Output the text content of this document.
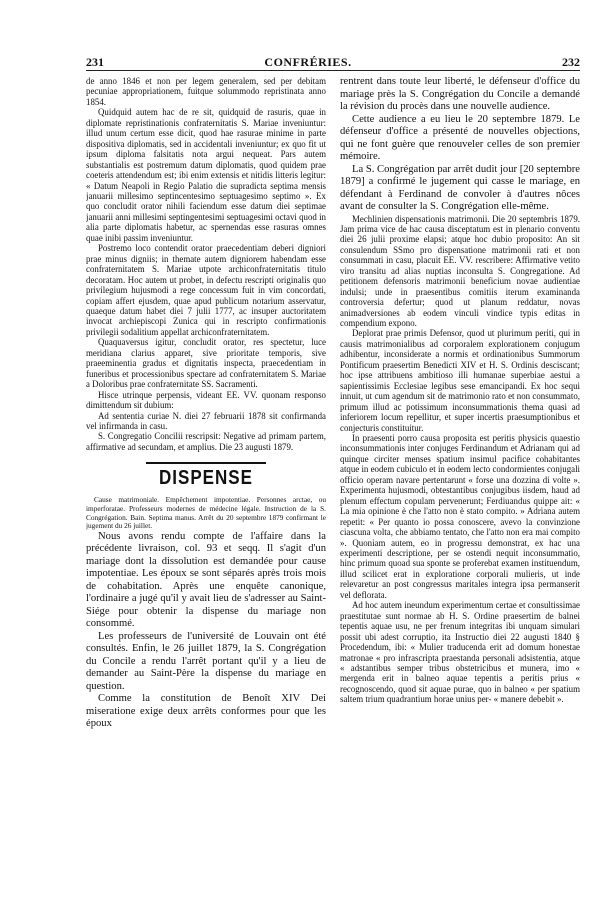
231	CONFRÉRIES.	232

de anno 1846 et non per legem generalem, sed per debitam pecuniae appropriationem, fuitque solummodo repristinata anno 1854.

Quidquid autem hac de re sit, quidquid de rasuris, quae in diplomate repristinationis confraternitatis S. Mariae inveniuntur: illud unum certum esse dicit, quod hae rasurae minime in parte dispositiva diplomatis, sed in accidentali inveniuntur; ex quo fit ut ipsum diploma falsitatis nota argui nequeat. Pars autem substantialis est postremum datum diplomatis, quod quidem prae coeteris attendendum est; ibi enim extensis et nitidis litteris legitur: « Datum Neapoli in Regio Palatio die supradicta septima mensis januarii millesimo septincentesimo septuagesimo septimo ». Ex quo concludit orator nihili faciendum esse datum diei septimae januarii anni millesimi septingentesimi septuagesimi octavi quod in alia parte diplomatis habetur, ac spernendas esse rasuras omnes quae inibi passim inveniuntur.

Postremo loco contendit orator praecedentiam deberi digniori prae minus digniis; in themate autem digniorem habendam esse confraternitatem S. Mariae utpote archiconfraternitatis titulo decoratam. Hoc autem ut probet, in defectu rescripti originalis quo privilegium hujusmodi a rege concessum fuit in vim concordati, copiam affert ejusdem, quae apud publicum notarium asservatur, quaeque datum habet diei 7 julii 1777, ac insuper auctoritatem invocat archiepiscopi Zunica qui in rescripto confirmationis privilegii sodalitium appellat archiconfraternitatem.

Quaquaversus igitur, concludit orator, res spectetur, luce meridiana clarius apparet, sive prioritate temporis, sive praeeminentia gradus et dignitatis inspecta, praecedentiam in funeribus et processionibus spectare ad confraternitatem S. Mariae a Doloribus prae confraternitate SS. Sacramenti.

Hisce utrinque perpensis, videant EE. VV. quonam responso dimittendum sit dubium:

Ad sententia curiae N. diei 27 februarii 1878 sit confirmanda vel infirmanda in casu.

S. Congregatio Concilii rescripsit: Negative ad primam partem, affirmative ad secundam, et amplius. Die 23 augusti 1879.

DISPENSE

Cause matrimoniale. Empêchement impotentiae. Personnes arctae, ou imperforatae. Professeurs modernes de médecine légale. Instruction de la S. Congrégation. Bain. Septima manus. Arrêt du 20 septembre 1879 confirmant le jugement du 26 juillet.

Nous avons rendu compte de l'affaire dans la précédente livraison, col. 93 et seqq. Il s'agit d'un mariage dont la dissolution est demandée pour cause impotentiae. Les époux se sont séparés après trois mois de cohabitation. Après une enquête canonique, l'ordinaire a jugé qu'il y avait lieu de s'adresser au Saint-Siége pour obtenir la dispense du mariage non consommé.

Les professeurs de l'université de Louvain ont été consultés. Enfin, le 26 juillet 1879, la S. Congrégation du Concile a rendu l'arrêt portant qu'il y a lieu de demander au Saint-Père la dispense du mariage en question.

Comme la constitution de Benoît XIV Dei miseratione exige deux arrêts conformes pour que les époux

rentrent dans toute leur liberté, le défenseur d'office du mariage près la S. Congrégation du Concile a demandé la révision du procès dans une nouvelle audience.

Cette audience a eu lieu le 20 septembre 1879. Le défenseur d'office a présenté de nouvelles objections, qui ne font guère que renouveler celles de son premier mémoire.

La S. Congrégation par arrêt dudit jour [20 septembre 1879] a confirmé le jugement qui casse le mariage, en défendant à Ferdinand de convoler à d'autres nôces avant de consulter la S. Congrégation elle-même.

Mechlinien dispensationis matrimonii. Die 20 septembris 1879. Jam prima vice de hac causa disceptatum est in plenario conventu diei 26 julii proxime elapsi; atque hoc dubio proposito: An sit consulendum SSmo pro dispensatione matrimonii rati et non consummati in casu, placuit EE. VV. rescribere: Affirmative vetito viro transitu ad alias nuptias inconsulta S. Congregatione. Ad petitionem defensoris matrimonii beneficium novae audientiae indulsi; unde in praesentibus comitiis iterum examinanda controversia defertur; quod ut planum reddatur, novas animadversiones ab eodem vinculi vindice typis editas in compendium expono.

Deplorat prae primis Defensor, quod ut plurimum periti, qui in causis matrimonialibus ad corporalem explorationem conjugum adhibentur, inconsiderate a normis et ordinationibus Summorum Pontificum praesertim Benedicti XIV et H. S. Ordinis desciscant; hoc ipse attribuens ambitioso illi humanae superbiae aestui a sapientissimis Ecclesiae legibus sese emancipandi. Ex hoc sequi innuit, ut cum agendum sit de matrimonio rato et non consummato, primum illud ac potissimum inconsummationis thema quasi ad inferiorem locum repellitur, et super incertis praesumptionibus et conjecturis constituitur.

In praesenti porro causa proposita est peritis physicis quaestio inconsummationis inter conjuges Ferdinandum et Adrianam qui ad quinque circiter menses spatium insimul pacifice cohabitantes atque in eodem cubiculo et in eodem lecto condormientes conjugali officio operam navare pertentarunt « forse una dozzina di volte ». Experimenta hujusmodi, obtestantibus conjugibus iisdem, haud ad plenum effectum copulam pervenerunt; Ferdiuandus quippe ait: « La mia opinione è che l'atto non è stato compito. » Adriana autem repetit: « Per quanto io possa conoscere, avevo la convinzione ciascuna volta, che abbiamo tentato, che l'atto non era mai compito ». Quoniam autem, eo in progressu demonstrat, ex hac una experimenti descriptione, per se ostendi nequit inconsummatio, hinc primum quoad sua sponte se proferebat examen instituendum, illud scilicet erat in exploratione corporali mulieris, ut inde relevaretur an post congressus maritales integra ipsa permanserit vel deflorata.

Ad hoc autem ineundum experimentum certae et consultissimae praestitutae sunt normae ab H. S. Ordine praesertim de balnei tepentis aquae usu, ne per frenum integritas ibi unquam simulari possit ubi adest corruptio, ita Instructio diei 22 augusti 1840 § Procedendum, ibi: « Mulier traducenda erit ad domum honestae matronae « pro infrascripta praestanda personali adsistentia, atque « adstantibus semper tribus obstetricibus et munera, imo « mergenda erit in balneo aquae tepentis a peritis prius « recognoscendo, quod sit aquae purae, quo in balneo « per spatium saltem trium quadrantium horae unius per- « manere debebit ».
